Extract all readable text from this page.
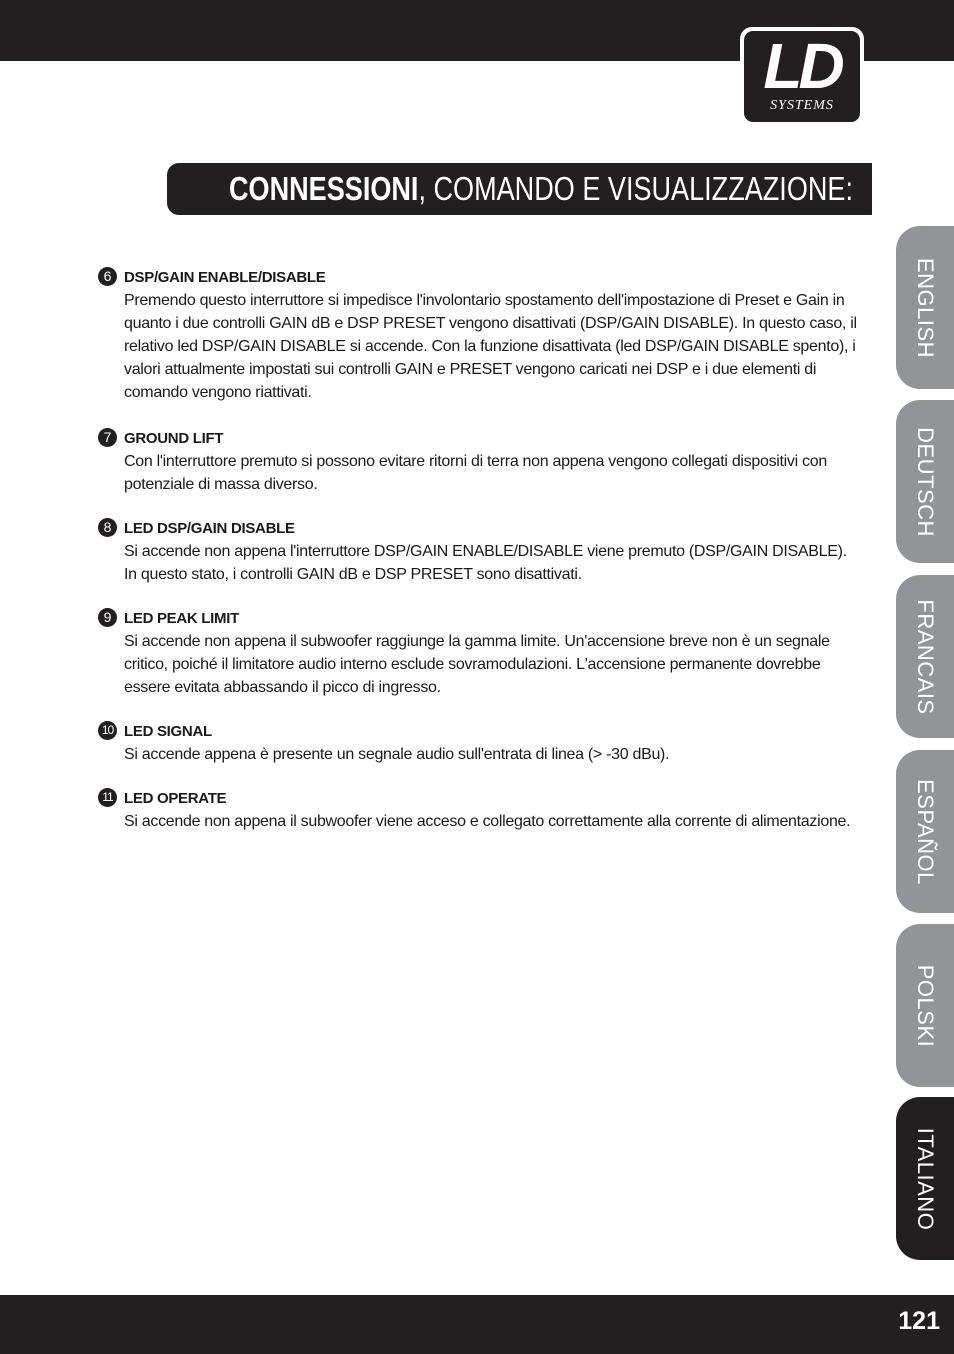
LD
SYSTEMS
CONNESSIONI, COMANDO E VISUALIZZAZIONE:
6 DSP/GAIN ENABLE/DISABLE
Premendo questo interruttore si impedisce l'involontario spostamento dell'impostazione di Preset e Gain in quanto i due controlli GAIN dB e DSP PRESET vengono disattivati (DSP/GAIN DISABLE). In questo caso, il relativo led DSP/GAIN DISABLE si accende. Con la funzione disattivata (led DSP/GAIN DISABLE spento), i valori attualmente impostati sui controlli GAIN e PRESET vengono caricati nei DSP e i due elementi di comando vengono riattivati.
7 GROUND LIFT
Con l'interruttore premuto si possono evitare ritorni di terra non appena vengono collegati dispositivi con potenziale di massa diverso.
8 LED DSP/GAIN DISABLE
Si accende non appena l'interruttore DSP/GAIN ENABLE/DISABLE viene premuto (DSP/GAIN DISABLE). In questo stato, i controlli GAIN dB e DSP PRESET sono disattivati.
9 LED PEAK LIMIT
Si accende non appena il subwoofer raggiunge la gamma limite. Un'accensione breve non è un segnale critico, poiché il limitatore audio interno esclude sovramodulazioni. L'accensione permanente dovrebbe essere evitata abbassando il picco di ingresso.
10 LED SIGNAL
Si accende appena è presente un segnale audio sull'entrata di linea (> -30 dBu).
11 LED OPERATE
Si accende non appena il subwoofer viene acceso e collegato correttamente alla corrente di alimentazione.
ENGLISH
DEUTSCH
FRANCAIS
ESPAÑOL
POLSKI
ITALIANO
121
